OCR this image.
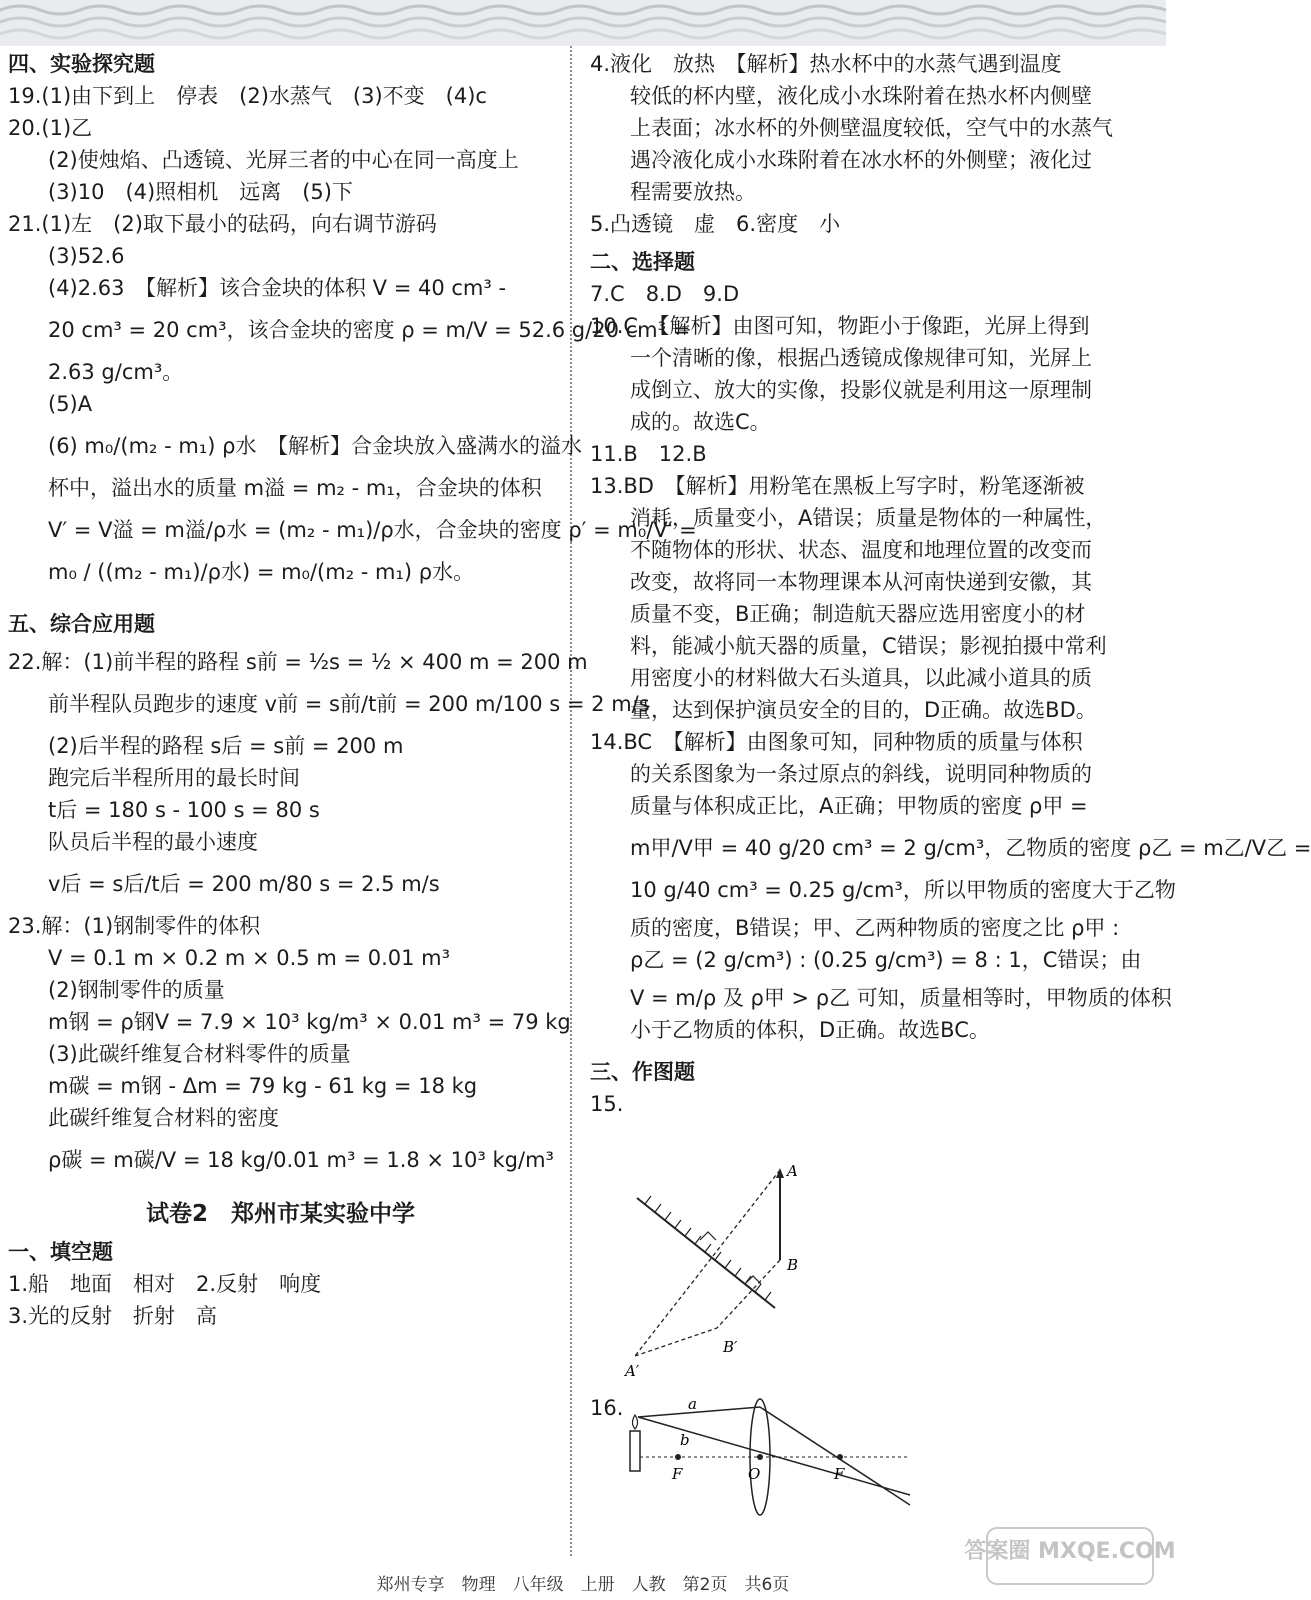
四、实验探究题
19.(1)由下到上　停表　(2)水蒸气　(3)不变　(4)c
20.(1)乙
(2)使烛焰、凸透镜、光屏三者的中心在同一高度上
(3)10　(4)照相机　远离　(5)下
21.(1)左　(2)取下最小的砝码，向右调节游码
(3)52.6
(4)2.63　【解析】该合金块的体积 V = 40 cm³ -
20 cm³ = 20 cm³，该合金块的密度 ρ = m/V = 52.6 g/20 cm³ =
2.63 g/cm³。
(5)A
(6) m₀/(m₂ - m₁) ρ水　【解析】合金块放入盛满水的溢水
杯中，溢出水的质量 m溢 = m₂ - m₁，合金块的体积
V′ = V溢 = m溢/ρ水 = (m₂ - m₁)/ρ水，合金块的密度 ρ′ = m₀/V′ =
m₀ / ((m₂ - m₁)/ρ水) = m₀/(m₂ - m₁) ρ水。
五、综合应用题
22.解：(1)前半程的路程 s前 = ½s = ½ × 400 m = 200 m
前半程队员跑步的速度 v前 = s前/t前 = 200 m/100 s = 2 m/s
(2)后半程的路程 s后 = s前 = 200 m
跑完后半程所用的最长时间
t后 = 180 s - 100 s = 80 s
队员后半程的最小速度
v后 = s后/t后 = 200 m/80 s = 2.5 m/s
23.解：(1)钢制零件的体积
V = 0.1 m × 0.2 m × 0.5 m = 0.01 m³
(2)钢制零件的质量
m钢 = ρ钢V = 7.9 × 10³ kg/m³ × 0.01 m³ = 79 kg
(3)此碳纤维复合材料零件的质量
m碳 = m钢 - Δm = 79 kg - 61 kg = 18 kg
此碳纤维复合材料的密度
ρ碳 = m碳/V = 18 kg/0.01 m³ = 1.8 × 10³ kg/m³
试卷2　郑州市某实验中学
一、填空题
1.船　地面　相对　2.反射　响度
3.光的反射　折射　高
4.液化　放热　【解析】热水杯中的水蒸气遇到温度
较低的杯内壁，液化成小水珠附着在热水杯内侧壁
上表面；冰水杯的外侧壁温度较低，空气中的水蒸气
遇冷液化成小水珠附着在冰水杯的外侧壁；液化过
程需要放热。
5.凸透镜　虚　6.密度　小
二、选择题
7.C　8.D　9.D
10.C　【解析】由图可知，物距小于像距，光屏上得到
一个清晰的像，根据凸透镜成像规律可知，光屏上
成倒立、放大的实像，投影仪就是利用这一原理制
成的。故选C。
11.B　12.B
13.BD　【解析】用粉笔在黑板上写字时，粉笔逐渐被
消耗，质量变小，A错误；质量是物体的一种属性，
不随物体的形状、状态、温度和地理位置的改变而
改变，故将同一本物理课本从河南快递到安徽，其
质量不变，B正确；制造航天器应选用密度小的材
料，能减小航天器的质量，C错误；影视拍摄中常利
用密度小的材料做大石头道具，以此减小道具的质
量，达到保护演员安全的目的，D正确。故选BD。
14.BC　【解析】由图象可知，同种物质的质量与体积
的关系图象为一条过原点的斜线，说明同种物质的
质量与体积成正比，A正确；甲物质的密度 ρ甲 =
m甲/V甲 = 40 g/20 cm³ = 2 g/cm³，乙物质的密度 ρ乙 = m乙/V乙 =
10 g/40 cm³ = 0.25 g/cm³，所以甲物质的密度大于乙物
质的密度，B错误；甲、乙两种物质的密度之比 ρ甲 :
ρ乙 = (2 g/cm³) : (0.25 g/cm³) = 8 : 1，C错误；由
V = m/ρ 及 ρ甲 > ρ乙 可知，质量相等时，甲物质的体积
小于乙物质的体积，D正确。故选BC。
三、作图题
15.
A
B
A′
B′
16.	a
b
F	O	F
答案圈 MXQE.COM
郑州专享　物理　八年级　上册　人教　第2页　共6页
